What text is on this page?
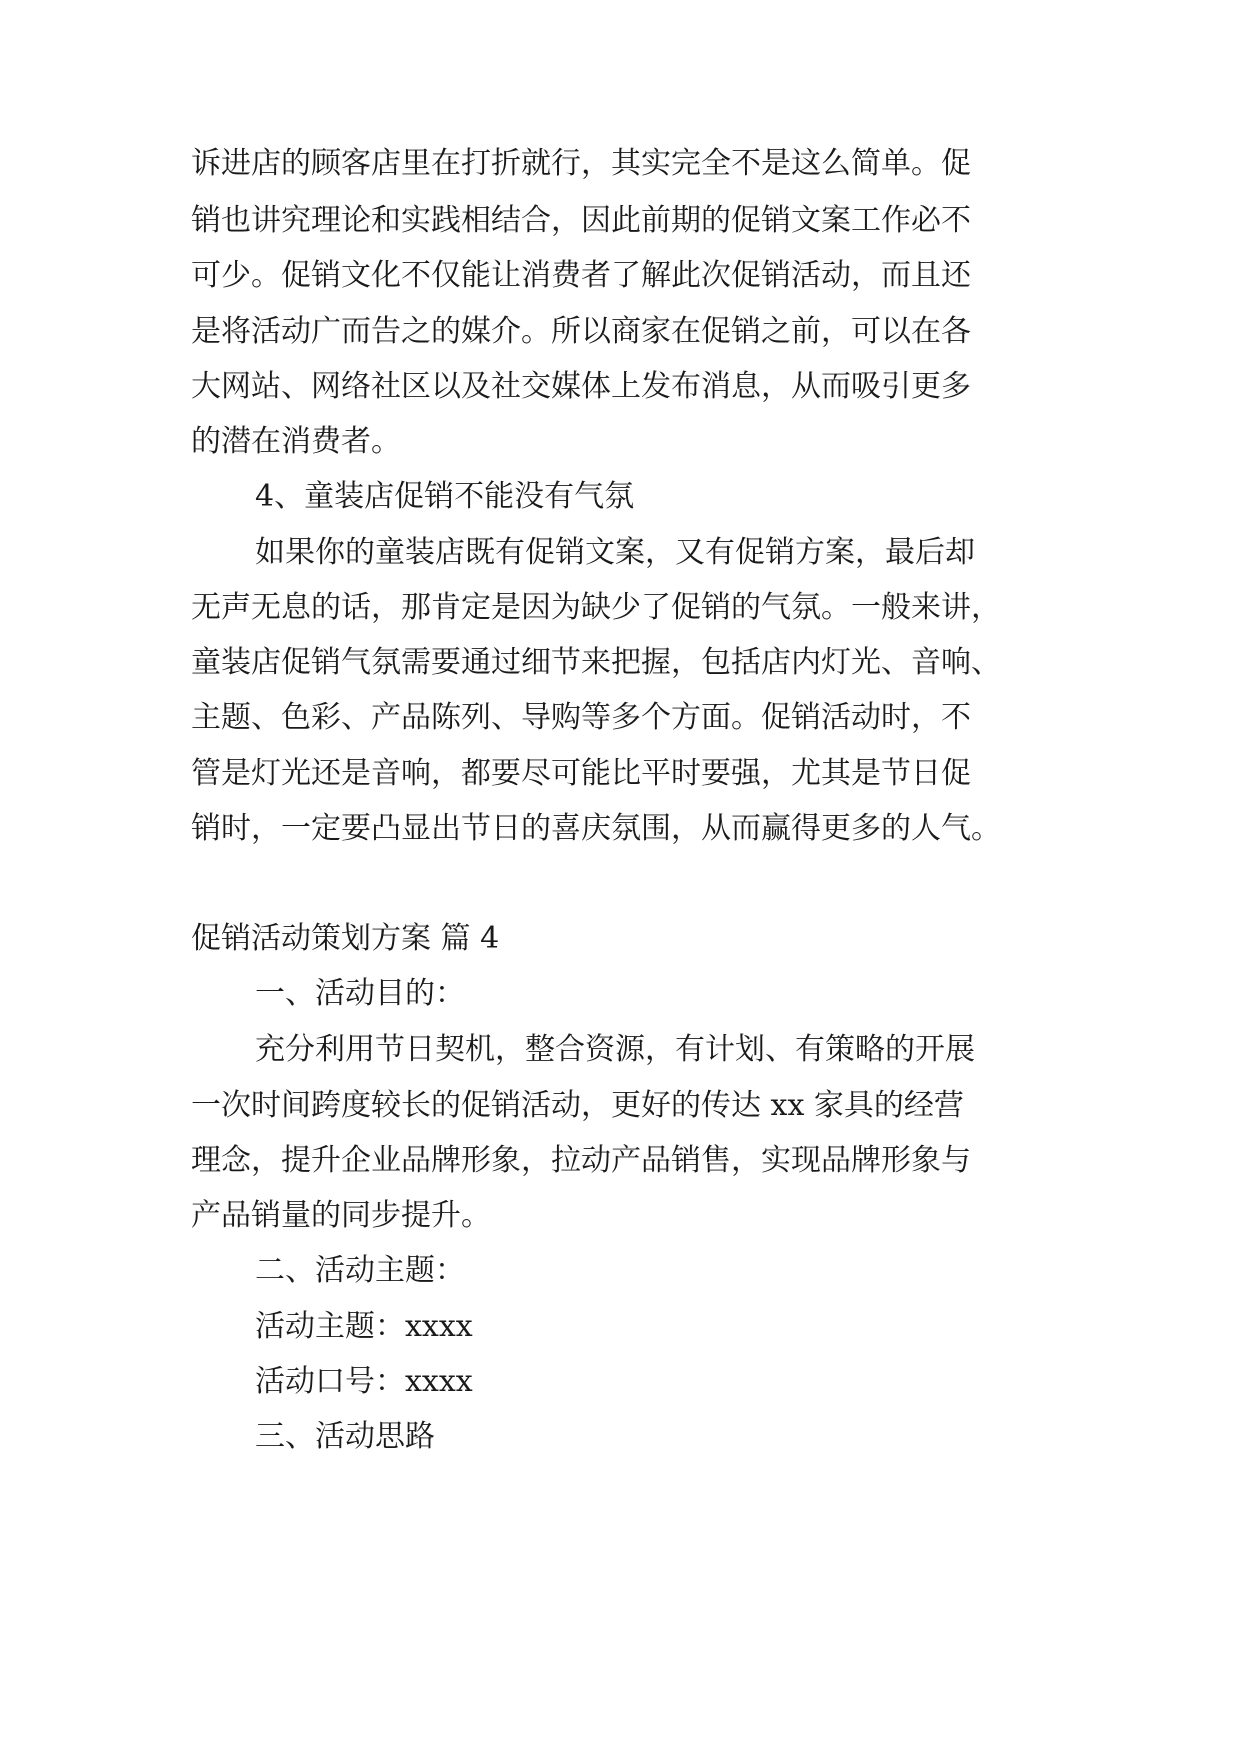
诉进店的顾客店里在打折就行，其实完全不是这么简单。促
销也讲究理论和实践相结合，因此前期的促销文案工作必不
可少。促销文化不仅能让消费者了解此次促销活动，而且还
是将活动广而告之的媒介。所以商家在促销之前，可以在各
大网站、网络社区以及社交媒体上发布消息，从而吸引更多
的潜在消费者。
4、童装店促销不能没有气氛
如果你的童装店既有促销文案，又有促销方案，最后却
无声无息的话，那肯定是因为缺少了促销的气氛。一般来讲，
童装店促销气氛需要通过细节来把握，包括店内灯光、音响、
主题、色彩、产品陈列、导购等多个方面。促销活动时，不
管是灯光还是音响，都要尽可能比平时要强，尤其是节日促
销时，一定要凸显出节日的喜庆氛围，从而赢得更多的人气。
促销活动策划方案 篇 4
一、活动目的：
充分利用节日契机，整合资源，有计划、有策略的开展
一次时间跨度较长的促销活动，更好的传达 xx 家具的经营
理念，提升企业品牌形象，拉动产品销售，实现品牌形象与
产品销量的同步提升。
二、活动主题：
活动主题：xxxx
活动口号：xxxx
三、活动思路
